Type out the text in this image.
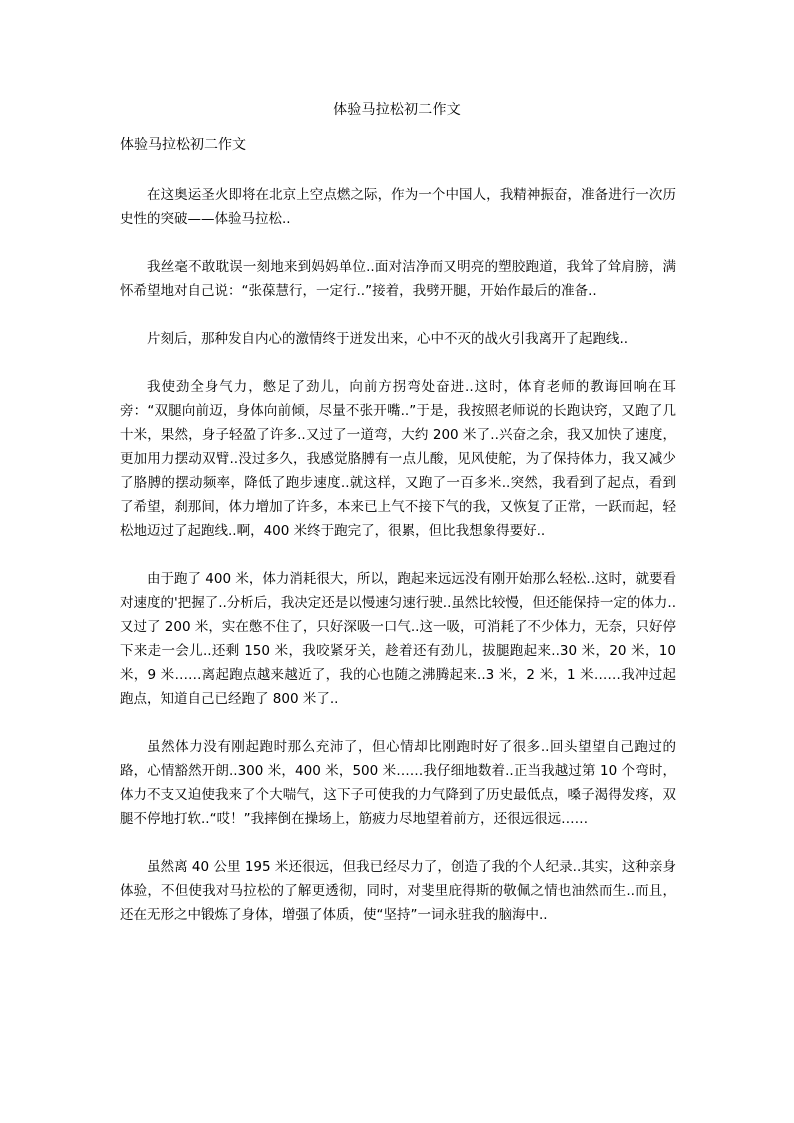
体验马拉松初二作文
体验马拉松初二作文

在这奥运圣火即将在北京上空点燃之际，作为一个中国人，我精神振奋，准备进行一次历史性的突破——体验马拉松..

我丝毫不敢耽误一刻地来到妈妈单位..面对洁净而又明亮的塑胶跑道，我耸了耸肩膀，满怀希望地对自己说：“张葆慧行，一定行..”接着，我劈开腿，开始作最后的准备..

片刻后，那种发自内心的激情终于迸发出来，心中不灭的战火引我离开了起跑线..

我使劲全身气力，憋足了劲儿，向前方拐弯处奋进..这时，体育老师的教诲回响在耳旁：“双腿向前迈，身体向前倾，尽量不张开嘴..”于是，我按照老师说的长跑诀窍，又跑了几十米，果然，身子轻盈了许多..又过了一道弯，大约 200 米了..兴奋之余，我又加快了速度，更加用力摆动双臂..没过多久，我感觉胳膊有一点儿酸，见风使舵，为了保持体力，我又减少了胳膊的摆动频率，降低了跑步速度..就这样，又跑了一百多米..突然，我看到了起点，看到了希望，刹那间，体力增加了许多，本来已上气不接下气的我，又恢复了正常，一跃而起，轻松地迈过了起跑线..啊，400 米终于跑完了，很累，但比我想象得要好..

由于跑了 400 米，体力消耗很大，所以，跑起来远远没有刚开始那么轻松..这时，就要看对速度的'把握了..分析后，我决定还是以慢速匀速行驶..虽然比较慢，但还能保持一定的体力..又过了 200 米，实在憋不住了，只好深吸一口气..这一吸，可消耗了不少体力，无奈，只好停下来走一会儿..还剩 150 米，我咬紧牙关，趁着还有劲儿，拔腿跑起来..30 米，20 米，10 米，9 米……离起跑点越来越近了，我的心也随之沸腾起来..3 米，2 米，1 米……我冲过起跑点，知道自己已经跑了 800 米了..

虽然体力没有刚起跑时那么充沛了，但心情却比刚跑时好了很多..回头望望自己跑过的路，心情豁然开朗..300 米，400 米，500 米……我仔细地数着..正当我越过第 10 个弯时，体力不支又迫使我来了个大喘气，这下子可使我的力气降到了历史最低点，嗓子渴得发疼，双腿不停地打软..“哎！”我摔倒在操场上，筋疲力尽地望着前方，还很远很远……

虽然离 40 公里 195 米还很远，但我已经尽力了，创造了我的个人纪录..其实，这种亲身体验，不但使我对马拉松的了解更透彻，同时，对斐里庇得斯的敬佩之情也油然而生..而且，还在无形之中锻炼了身体，增强了体质，使“坚持”一词永驻我的脑海中..
